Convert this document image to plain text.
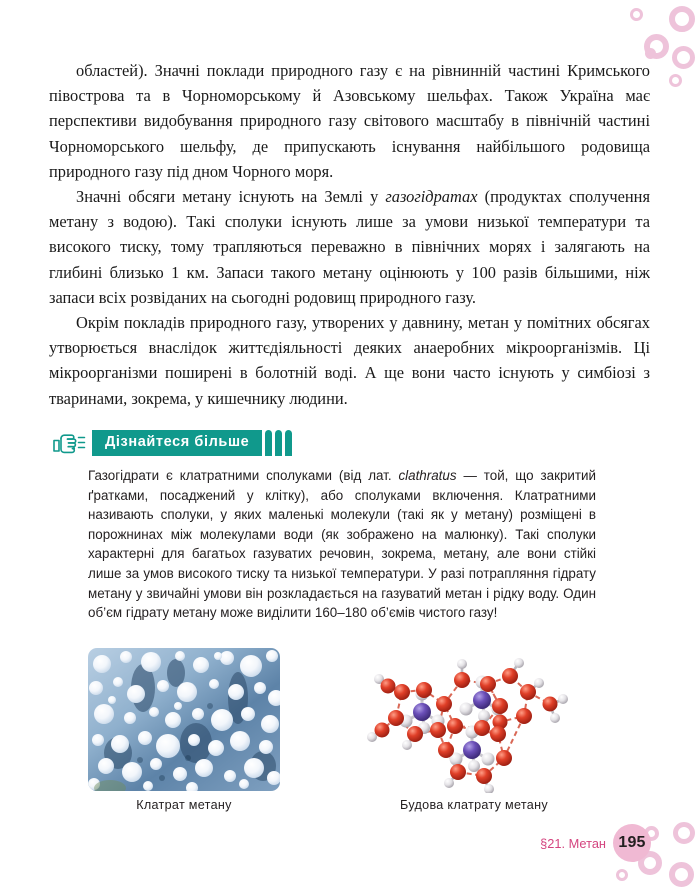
областей). Значні поклади природного газу є на рівнинній частині Кримського півострова та в Чорноморському й Азовському шельфах. Також Україна має перспективи видобування природного газу світового масштабу в північній частині Чорноморського шельфу, де припускають існування найбільшого родовища природного газу під дном Чорного моря.

Значні обсяги метану існують на Землі у газогідратах (продуктах сполучення метану з водою). Такі сполуки існують лише за умови низької температури та високого тиску, тому трапляються переважно в північних морях і залягають на глибині близько 1 км. Запаси такого метану оцінюють у 100 разів більшими, ніж запаси всіх розвіданих на сьогодні родовищ природного газу.

Окрім покладів природного газу, утворених у давнину, метан у помітних обсягах утворюється внаслідок життєдіяльності деяких анаеробних мікроорганізмів. Ці мікроорганізми поширені в болотній воді. А ще вони часто існують у симбіозі з тваринами, зокрема, у кишечнику людини.

Дізнайтеся більше
Газогідрати є клатратними сполуками (від лат. clathratus — той, що закритий ґратками, посаджений у клітку), або сполуками включення. Клатратними називають сполуки, у яких маленькі молекули (такі як у метану) розміщені в порожнинах між молекулами води (як зображено на малюнку). Такі сполуки характерні для багатьох газуватих речовин, зокрема, метану, але вони стійкі лише за умов високого тиску та низької температури. У разі потрапляння гідрату метану у звичайні умови він розкладається на газуватий метан і рідку воду. Один об’єм гідрату метану може виділити 160–180 об’ємів чистого газу!
Клатрат метану	Будова клатрату метану
§21. Метан 195
